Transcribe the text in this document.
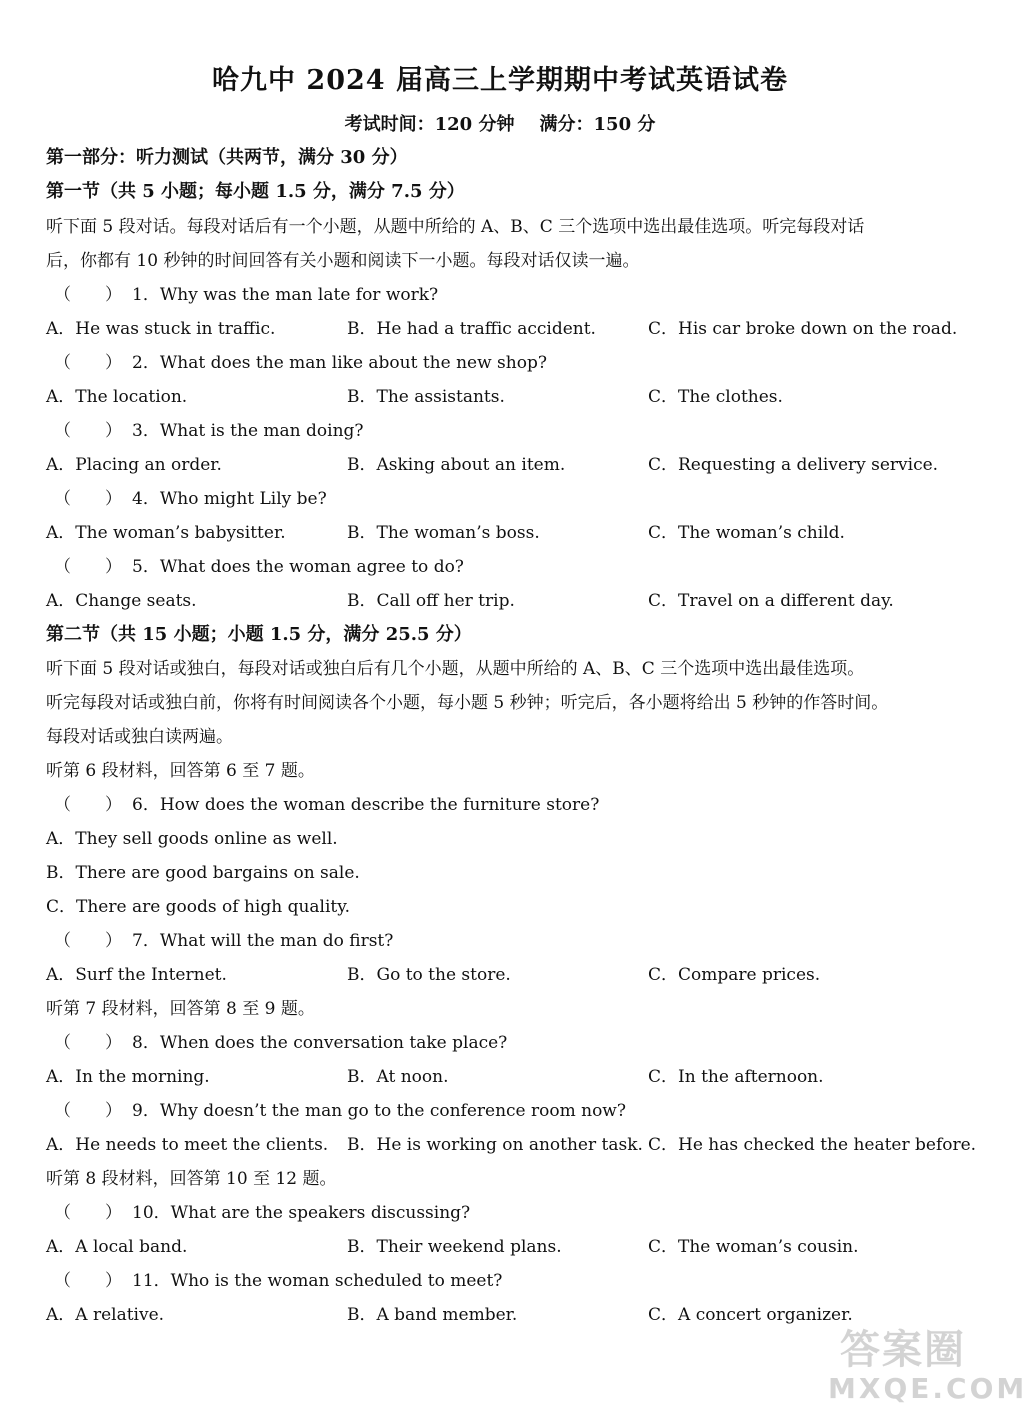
哈九中 2024 届高三上学期期中考试英语试卷
考试时间：120 分钟    满分：150 分
第一部分：听力测试（共两节，满分 30 分）
第一节（共 5 小题；每小题 1.5 分，满分 7.5 分）
听下面 5 段对话。每段对话后有一个小题，从题中所给的 A、B、C 三个选项中选出最佳选项。听完每段对话
后，你都有 10 秒钟的时间回答有关小题和阅读下一小题。每段对话仅读一遍。
（ ） 1．Why was the man late for work?
A．He was stuck in traffic.	B．He had a traffic accident.	C．His car broke down on the road.
（ ） 2．What does the man like about the new shop?
A．The location.	B．The assistants.	C．The clothes.
（ ） 3．What is the man doing?
A．Placing an order.	B．Asking about an item.	C．Requesting a delivery service.
（ ） 4．Who might Lily be?
A．The woman’s babysitter.	B．The woman’s boss.	C．The woman’s child.
（ ） 5．What does the woman agree to do?
A．Change seats.	B．Call off her trip.	C．Travel on a different day.
第二节（共 15 小题；小题 1.5 分，满分 25.5 分）
听下面 5 段对话或独白，每段对话或独白后有几个小题，从题中所给的 A、B、C 三个选项中选出最佳选项。
听完每段对话或独白前，你将有时间阅读各个小题，每小题 5 秒钟；听完后，各小题将给出 5 秒钟的作答时间。
每段对话或独白读两遍。
听第 6 段材料，回答第 6 至 7 题。
（ ） 6．How does the woman describe the furniture store?
A．They sell goods online as well.
B．There are good bargains on sale.
C．There are goods of high quality.
（ ） 7．What will the man do first?
A．Surf the Internet.	B．Go to the store.	C．Compare prices.
听第 7 段材料，回答第 8 至 9 题。
（ ） 8．When does the conversation take place?
A．In the morning.	B．At noon.	C．In the afternoon.
（ ） 9．Why doesn’t the man go to the conference room now?
A．He needs to meet the clients. B．He is working on another task. C．He has checked the heater before.
听第 8 段材料，回答第 10 至 12 题。
（ ） 10．What are the speakers discussing?
A．A local band.	B．Their weekend plans.	C．The woman’s cousin.
（ ） 11．Who is the woman scheduled to meet?
A．A relative.	B．A band member.	C．A concert organizer.
答案圈
MXQE.COM
